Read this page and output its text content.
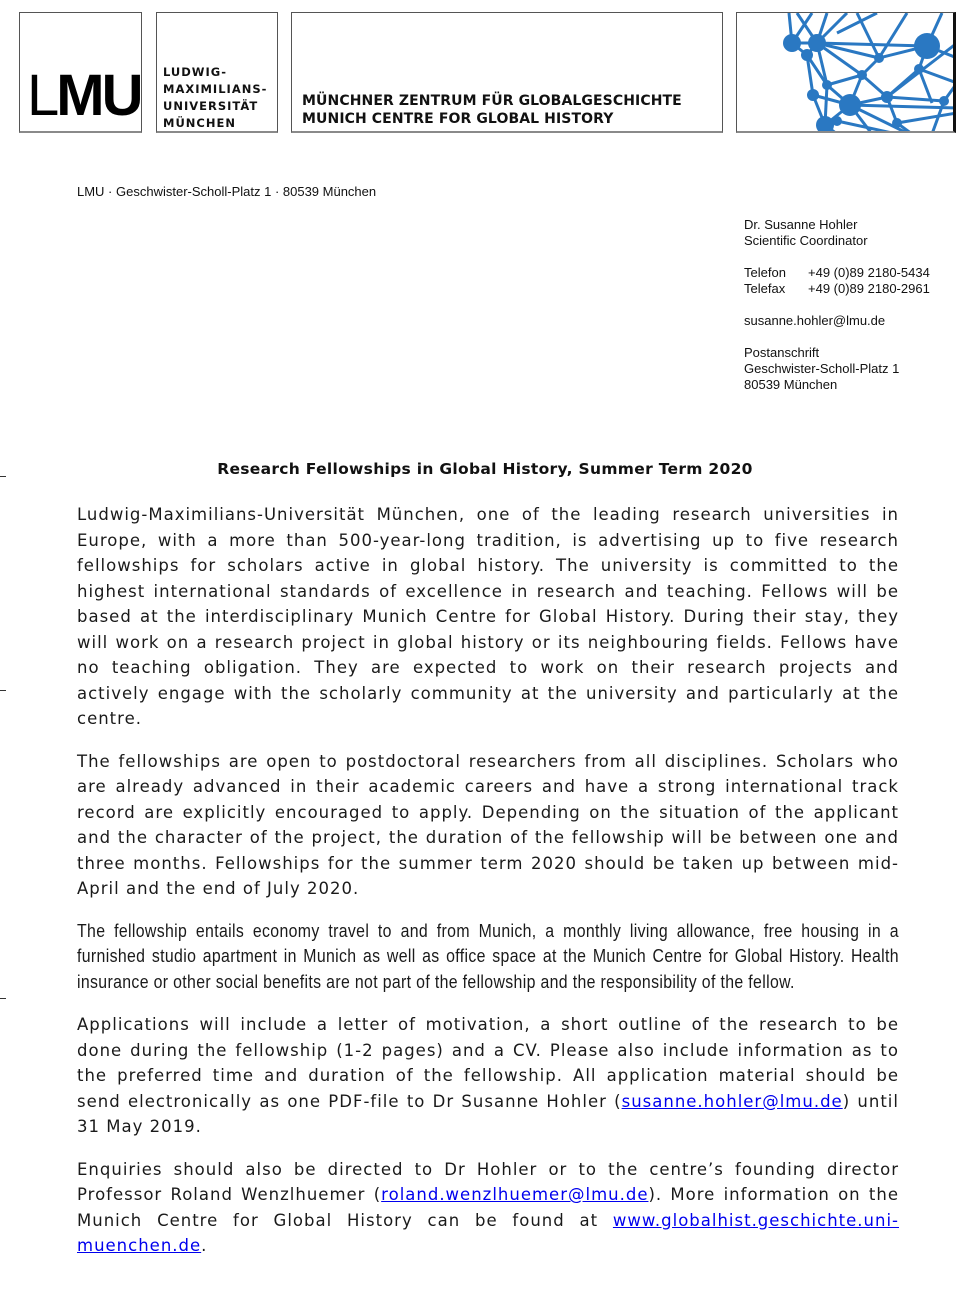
LMU LUDWIG-
MAXIMILIANS-
UNIVERSITÄT
MÜNCHEN
MÜNCHNER ZENTRUM FÜR GLOBALGESCHICHTE
MUNICH CENTRE FOR GLOBAL HISTORY
LMU · Geschwister-Scholl-Platz 1 · 80539 München
Dr. Susanne Hohler
Scientific Coordinator
Telefon +49 (0)89 2180-5434
Telefax +49 (0)89 2180-2961
susanne.hohler@lmu.de
Postanschrift
Geschwister-Scholl-Platz 1
80539 München
Research Fellowships in Global History, Summer Term 2020

Ludwig-Maximilians-Universität München, one of the leading research universities in Europe, with a more than 500-year-long tradition, is advertising up to five research fellowships for scholars active in global history. The university is committed to the highest international standards of excellence in research and teaching. Fellows will be based at the interdisciplinary Munich Centre for Global History. During their stay, they will work on a research project in global history or its neighbouring fields. Fellows have no teaching obligation. They are expected to work on their research projects and actively engage with the scholarly community at the university and particularly at the centre.

The fellowships are open to postdoctoral researchers from all disciplines. Scholars who are already advanced in their academic careers and have a strong international track record are explicitly encouraged to apply. Depending on the situation of the applicant and the character of the project, the duration of the fellowship will be between one and three months. Fellowships for the summer term 2020 should be taken up between mid-April and the end of July 2020.

The fellowship entails economy travel to and from Munich, a monthly living allowance, free housing in a furnished studio apartment in Munich as well as office space at the Munich Centre for Global History. Health insurance or other social benefits are not part of the fellowship and the responsibility of the fellow.

Applications will include a letter of motivation, a short outline of the research to be done during the fellowship (1-2 pages) and a CV. Please also include information as to the preferred time and duration of the fellowship. All application material should be send electronically as one PDF-file to Dr Susanne Hohler (susanne.hohler@lmu.de) until 31 May 2019.

Enquiries should also be directed to Dr Hohler or to the centre’s founding director Professor Roland Wenzlhuemer (roland.wenzlhuemer@lmu.de). More information on the Munich Centre for Global History can be found at www.globalhist.geschichte.uni-muenchen.de.
